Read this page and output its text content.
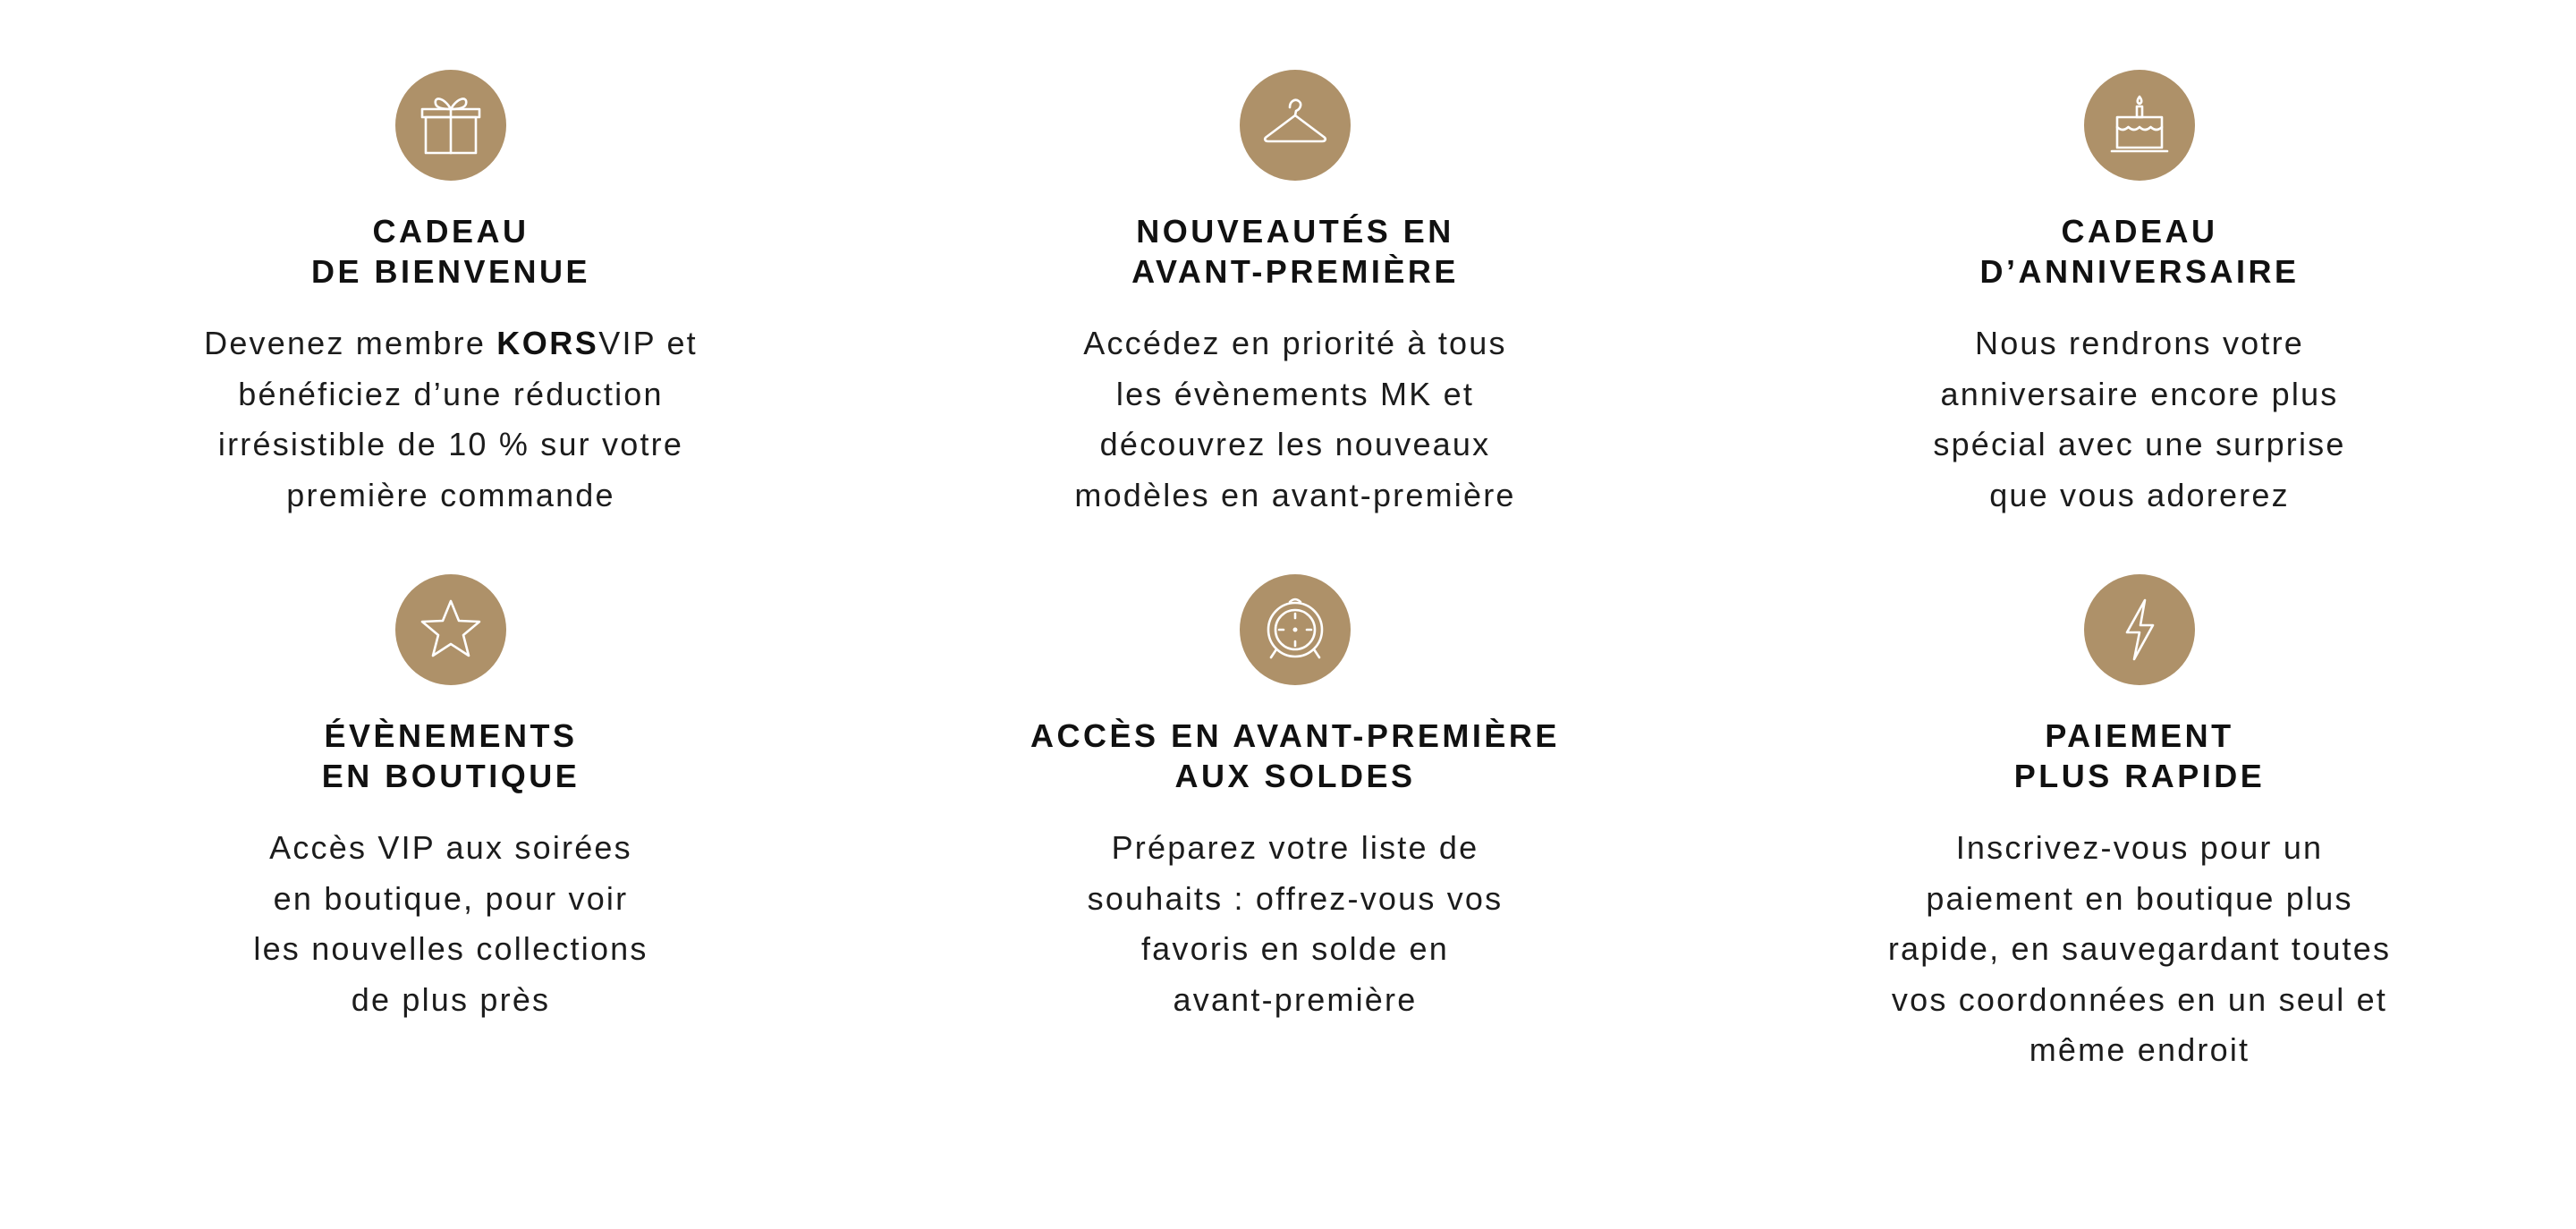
CADEAU
DE BIENVENUE
Devenez membre KORSVIP et
bénéficiez d’une réduction
irrésistible de 10 % sur votre
première commande
NOUVEAUTÉS EN
AVANT-PREMIÈRE
Accédez en priorité à tous
les évènements MK et
découvrez les nouveaux
modèles en avant-première
CADEAU
D’ANNIVERSAIRE
Nous rendrons votre
anniversaire encore plus
spécial avec une surprise
que vous adorerez
ÉVÈNEMENTS
EN BOUTIQUE
Accès VIP aux soirées
en boutique, pour voir
les nouvelles collections
de plus près
ACCÈS EN AVANT-PREMIÈRE
AUX SOLDES
Préparez votre liste de
souhaits : offrez-vous vos
favoris en solde en
avant-première
PAIEMENT
PLUS RAPIDE
Inscrivez-vous pour un
paiement en boutique plus
rapide, en sauvegardant toutes
vos coordonnées en un seul et
même endroit
